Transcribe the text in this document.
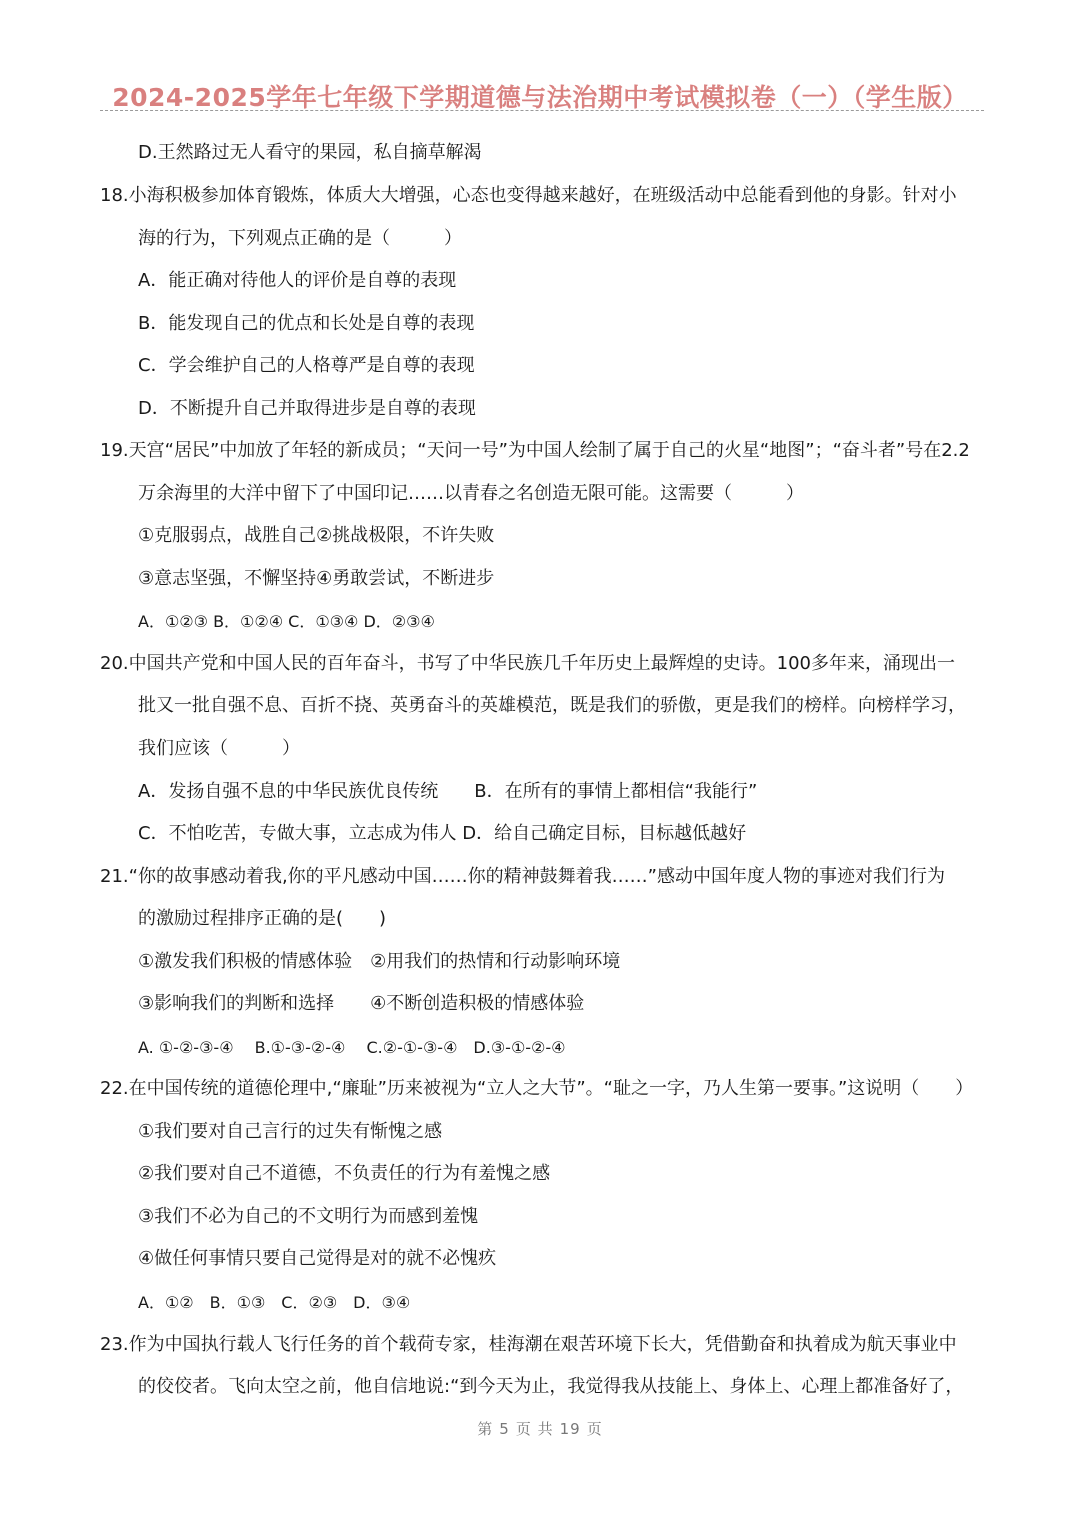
2024-2025学年七年级下学期道德与法治期中考试模拟卷（一）（学生版）
D.王然路过无人看守的果园，私自摘草解渴
18.小海积极参加体育锻炼，体质大大增强，心态也变得越来越好，在班级活动中总能看到他的身影。针对小
海的行为，下列观点正确的是（　　　）
A．能正确对待他人的评价是自尊的表现
B．能发现自己的优点和长处是自尊的表现
C．学会维护自己的人格尊严是自尊的表现
D．不断提升自己并取得进步是自尊的表现
19.天宫“居民”中加放了年轻的新成员；“天问一号”为中国人绘制了属于自己的火星“地图”；“奋斗者”号在2.2
万余海里的大洋中留下了中国印记……以青春之名创造无限可能。这需要（　　　）
①克服弱点，战胜自己②挑战极限，不许失败
③意志坚强，不懈坚持④勇敢尝试，不断进步
A．①②③ B．①②④ C．①③④ D．②③④
20.中国共产党和中国人民的百年奋斗，书写了中华民族几千年历史上最辉煌的史诗。100多年来，涌现出一
批又一批自强不息、百折不挠、英勇奋斗的英雄模范，既是我们的骄傲，更是我们的榜样。向榜样学习，
我们应该（　　　）
A．发扬自强不息的中华民族优良传统　　B．在所有的事情上都相信“我能行”
C．不怕吃苦，专做大事，立志成为伟人 D．给自己确定目标，目标越低越好
21.“你的故事感动着我,你的平凡感动中国……你的精神鼓舞着我……”感动中国年度人物的事迹对我们行为
的激励过程排序正确的是(　　)
①激发我们积极的情感体验　②用我们的热情和行动影响环境
③影响我们的判断和选择　　④不断创造积极的情感体验
A. ①-②-③-④　 B.①-③-②-④　 C.②-①-③-④　D.③-①-②-④
22.在中国传统的道德伦理中,“廉耻”历来被视为“立人之大节”。“耻之一字，乃人生第一要事。”这说明（　　）
①我们要对自己言行的过失有惭愧之感
②我们要对自己不道德，不负责任的行为有羞愧之感
③我们不必为自己的不文明行为而感到羞愧
④做任何事情只要自己觉得是对的就不必愧疚
A．①②　B．①③　C．②③　D．③④
23.作为中国执行载人飞行任务的首个载荷专家，桂海潮在艰苦环境下长大，凭借勤奋和执着成为航天事业中
的佼佼者。飞向太空之前，他自信地说:“到今天为止，我觉得我从技能上、身体上、心理上都准备好了，
第 5 页 共 19 页
